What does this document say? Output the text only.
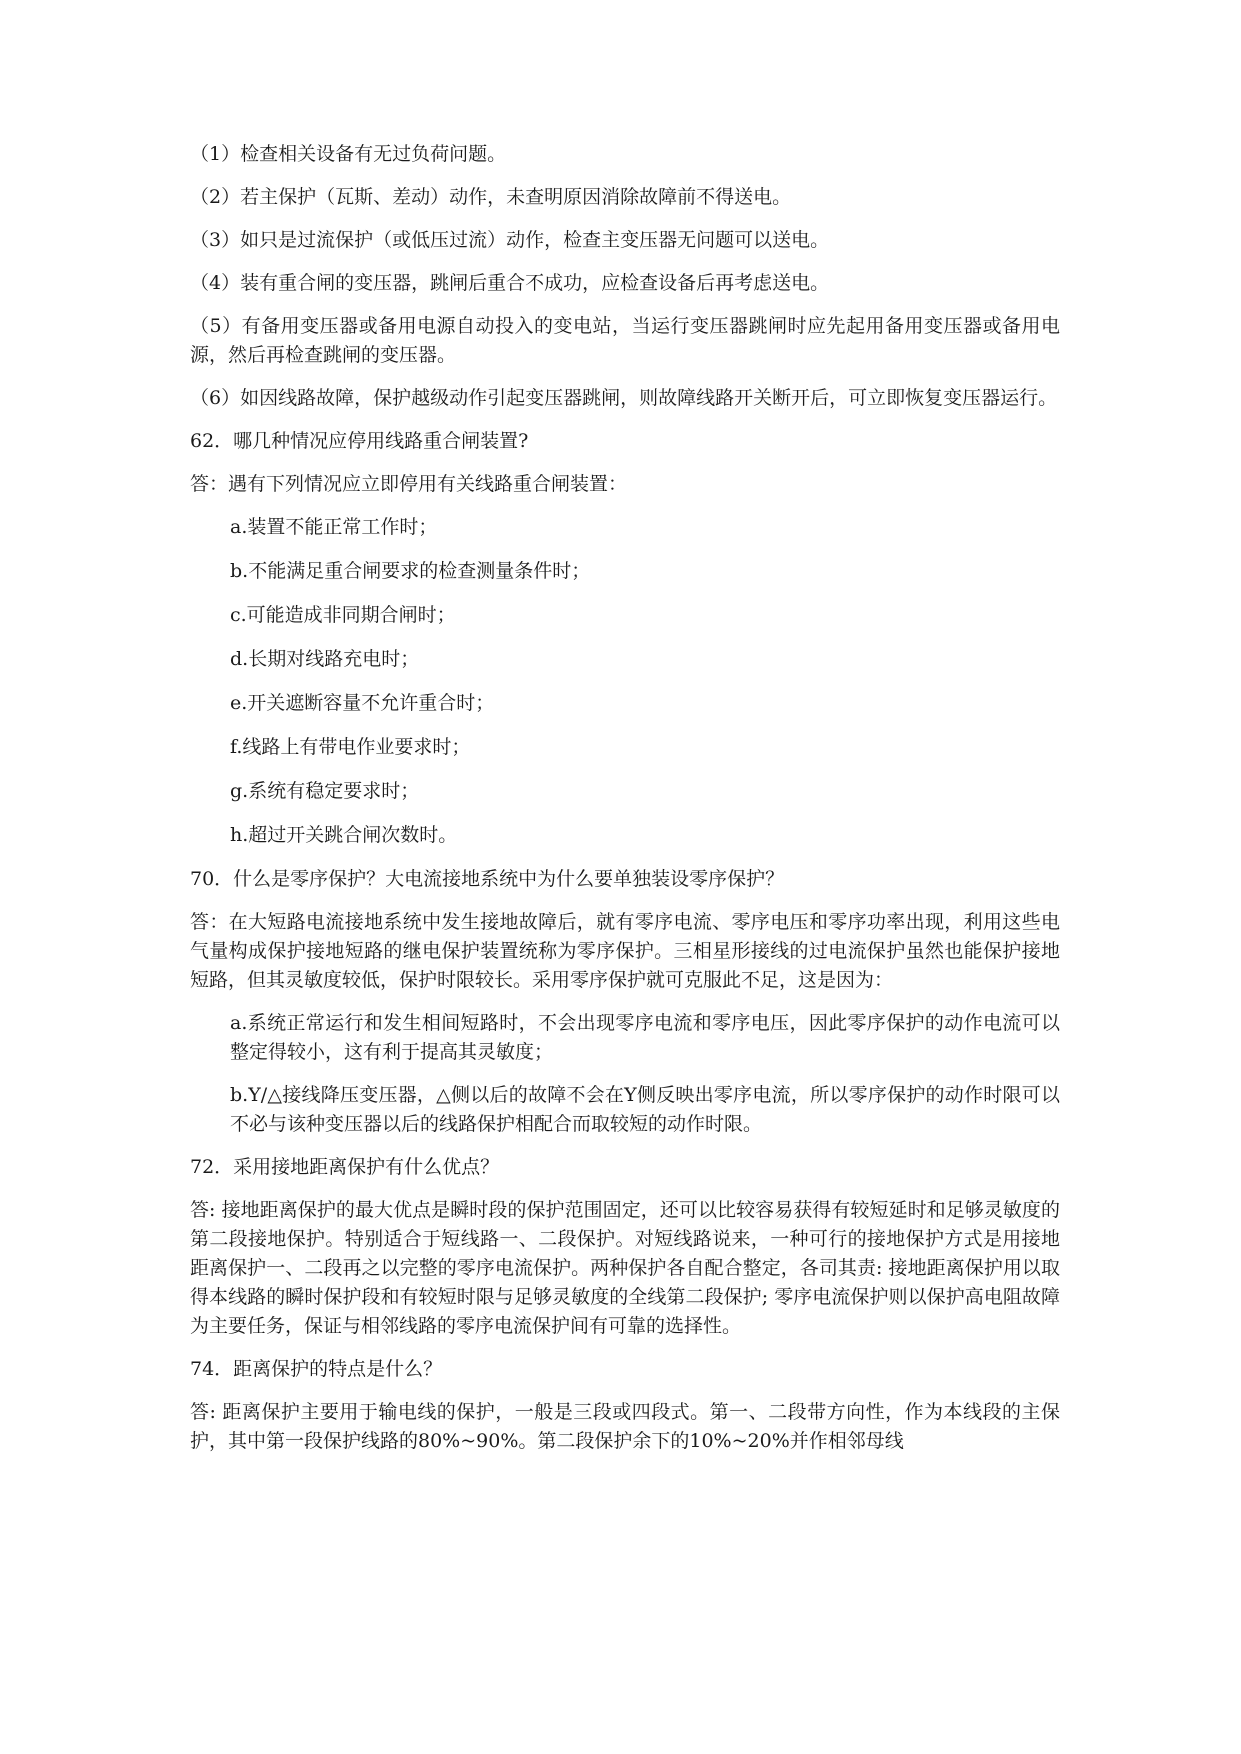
（1）检查相关设备有无过负荷问题。

（2）若主保护（瓦斯、差动）动作，未查明原因消除故障前不得送电。

（3）如只是过流保护（或低压过流）动作，检查主变压器无问题可以送电。

（4）装有重合闸的变压器，跳闸后重合不成功，应检查设备后再考虑送电。

（5）有备用变压器或备用电源自动投入的变电站，当运行变压器跳闸时应先起用备用变压器或备用电源，然后再检查跳闸的变压器。

（6）如因线路故障，保护越级动作引起变压器跳闸，则故障线路开关断开后，可立即恢复变压器运行。

62．哪几种情况应停用线路重合闸装置?

答：遇有下列情况应立即停用有关线路重合闸装置：

a.装置不能正常工作时；

b.不能满足重合闸要求的检查测量条件时；

c.可能造成非同期合闸时；

d.长期对线路充电时；

e.开关遮断容量不允许重合时；

f.线路上有带电作业要求时；

g.系统有稳定要求时；

h.超过开关跳合闸次数时。

70．什么是零序保护？大电流接地系统中为什么要单独装设零序保护？

答：在大短路电流接地系统中发生接地故障后，就有零序电流、零序电压和零序功率出现，利用这些电气量构成保护接地短路的继电保护装置统称为零序保护。三相星形接线的过电流保护虽然也能保护接地短路，但其灵敏度较低，保护时限较长。采用零序保护就可克服此不足，这是因为：

a.系统正常运行和发生相间短路时，不会出现零序电流和零序电压，因此零序保护的动作电流可以整定得较小，这有利于提高其灵敏度；

b.Y/△接线降压变压器，△侧以后的故障不会在Y侧反映出零序电流，所以零序保护的动作时限可以不必与该种变压器以后的线路保护相配合而取较短的动作时限。

72．采用接地距离保护有什么优点？

答: 接地距离保护的最大优点是瞬时段的保护范围固定，还可以比较容易获得有较短延时和足够灵敏度的第二段接地保护。特别适合于短线路一、二段保护。对短线路说来，一种可行的接地保护方式是用接地距离保护一、二段再之以完整的零序电流保护。两种保护各自配合整定，各司其责: 接地距离保护用以取得本线路的瞬时保护段和有较短时限与足够灵敏度的全线第二段保护; 零序电流保护则以保护高电阻故障为主要任务，保证与相邻线路的零序电流保护间有可靠的选择性。

74．距离保护的特点是什么？

答: 距离保护主要用于输电线的保护，一般是三段或四段式。第一、二段带方向性，作为本线段的主保护，其中第一段保护线路的80%~90%。第二段保护余下的10%~20%并作相邻母线
